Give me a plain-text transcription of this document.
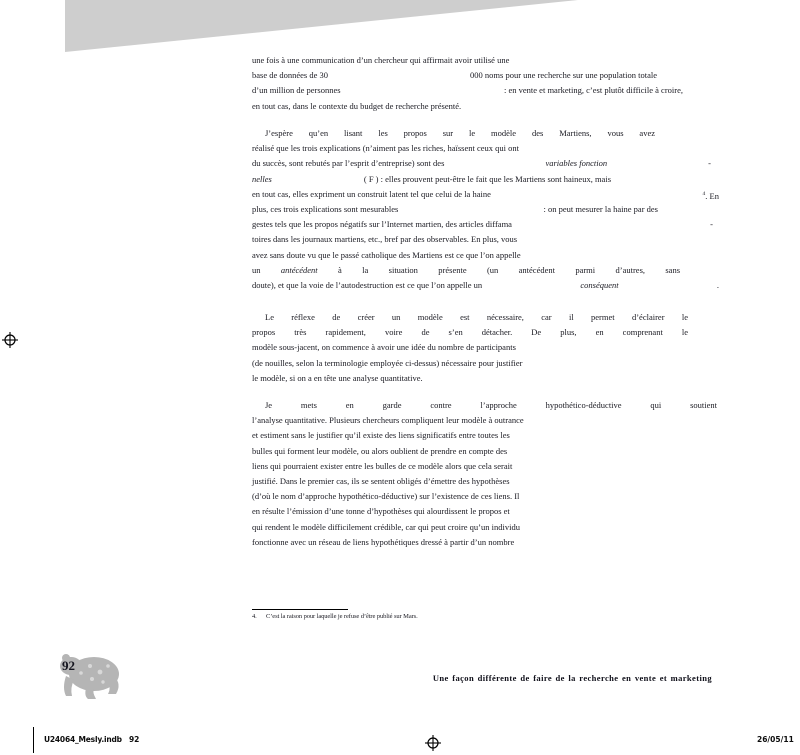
une fois à une communication d’un chercheur qui affirmait avoir utilisé une
base de données de 30	000 noms pour une recherche sur une population totale
d’un million de personnes	: en vente et marketing, c’est plutôt difficile à croire,
en tout cas, dans le contexte du budget de recherche présenté.
J’espère qu’en lisant les propos sur le modèle des Martiens, vous avez
réalisé que les trois explications (n’aiment pas les riches, haïssent ceux qui ont
du succès, sont rebutés par l’esprit d’entreprise) sont des	variables fonction	-
nelles	( F ) : elles prouvent peut-être le fait que les Martiens sont haineux, mais
en tout cas, elles expriment un construit latent tel que celui de la haine	$^4$. En
plus, ces trois explications sont mesurables	: on peut mesurer la haine par des
gestes tels que les propos négatifs sur l’Internet martien, des articles diffama	-
toires dans les journaux martiens, etc., bref par des observables. En plus, vous
avez sans doute vu que le passé catholique des Martiens est ce que l’on appelle
un antécédent à la situation présente (un antécédent parmi d’autres, sans
doute), et que la voie de l’autodestruction est ce que l’on appelle un	conséquent	.
Le réflexe de créer un modèle est nécessaire, car il permet d’éclairer le
propos très rapidement, voire de s’en détacher. De plus, en comprenant le
modèle sous-jacent, on commence à avoir une idée du nombre de participants
(de nouilles, selon la terminologie employée ci-dessus) nécessaire pour justifier
le modèle, si on a en tête une analyse quantitative.
Je mets en garde contre l’approche hypothético-déductive qui soutient
l’analyse quantitative. Plusieurs chercheurs compliquent leur modèle à outrance
et estiment sans le justifier qu’il existe des liens significatifs entre toutes les
bulles qui forment leur modèle, ou alors oublient de prendre en compte des
liens qui pourraient exister entre les bulles de ce modèle alors que cela serait
justifié. Dans le premier cas, ils se sentent obligés d’émettre des hypothèses
(d’où le nom d’approche hypothético-déductive) sur l’existence de ces liens. Il
en résulte l’émission d’une tonne d’hypothèses qui alourdissent le propos et
qui rendent le modèle difficilement crédible, car qui peut croire qu’un individu
fonctionne avec un réseau de liens hypothétiques dressé à partir d’un nombre
4. C’est la raison pour laquelle je refuse d’être publié sur Mars.
92
Une façon différente de faire de la recherche en vente et marketing
U24064_Mesly.indb   92	26/05/11
